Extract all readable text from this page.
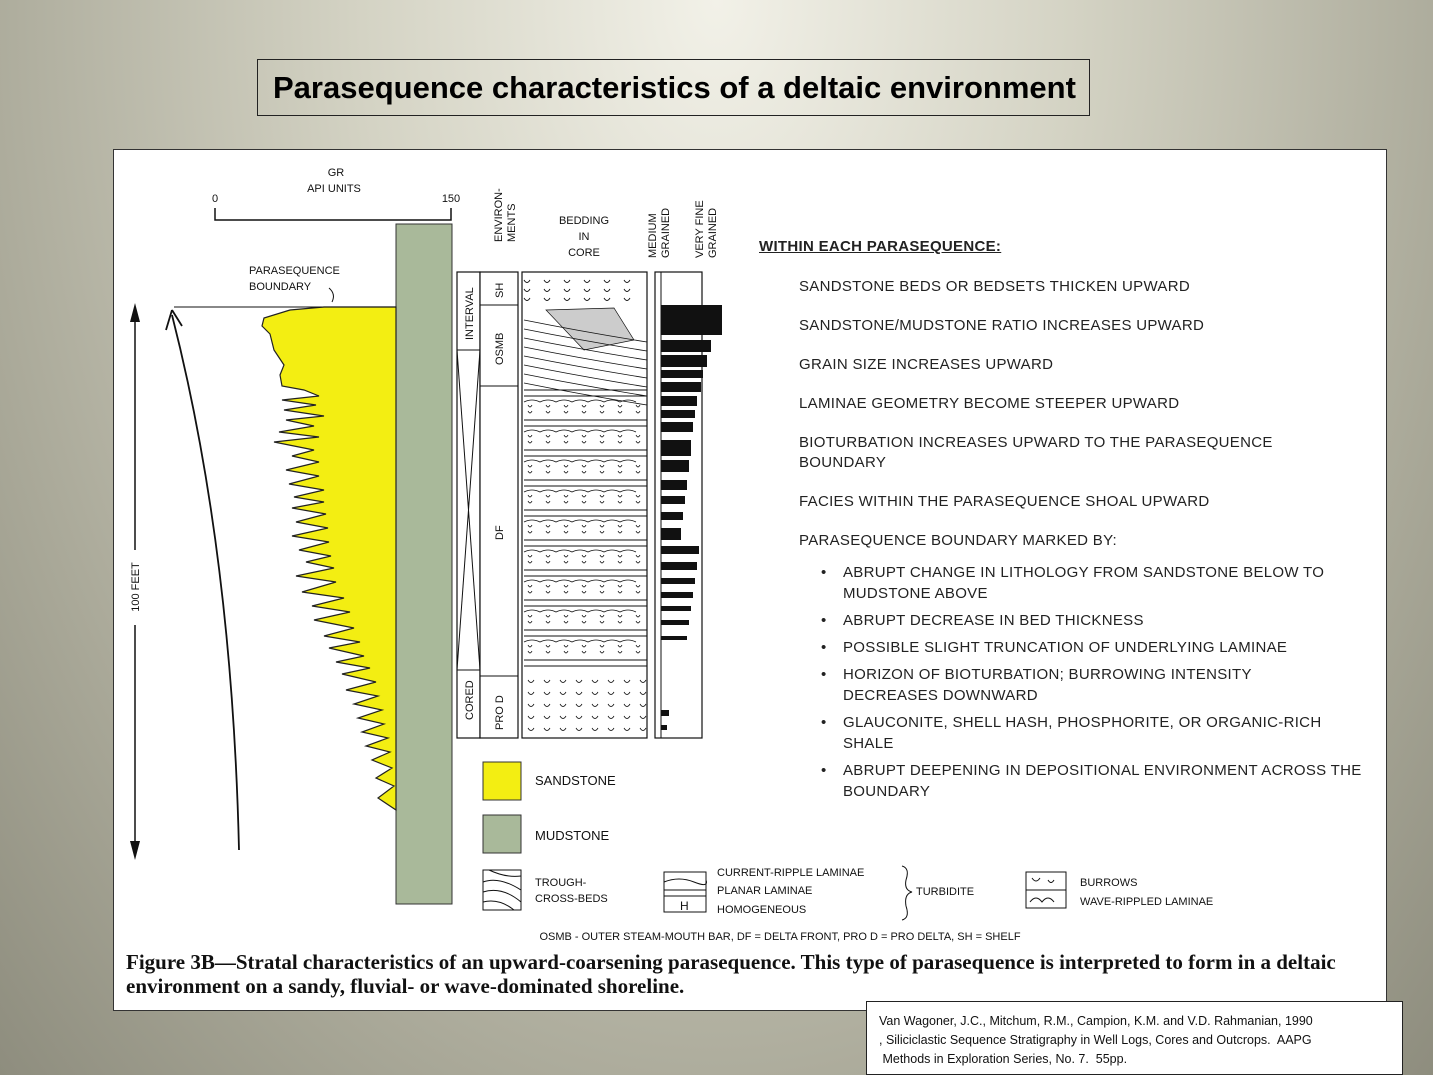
Parasequence characteristics of a deltaic environment
GR
API UNITS
0	150
PARASEQUENCE
BOUNDARY
100 FEET
ENVIRON- MENTS	BEDDING
IN
CORE	MEDIUM GRAINED VERY FINE GRAINED
INTERVAL
CORED
SH
OSMB
DF
PRO D
SANDSTONE
MUDSTONE
TROUGH-
CROSS-BEDS	H
CURRENT-RIPPLE LAMINAE
PLANAR LAMINAE
HOMOGENEOUS
TURBIDITE
BURROWS
WAVE-RIPPLED LAMINAE
OSMB - OUTER STEAM-MOUTH BAR, DF = DELTA FRONT, PRO D = PRO DELTA, SH = SHELF
WITHIN EACH PARASEQUENCE:
SANDSTONE BEDS OR BEDSETS THICKEN UPWARD
SANDSTONE/MUDSTONE RATIO INCREASES UPWARD
GRAIN SIZE INCREASES UPWARD
LAMINAE GEOMETRY BECOME STEEPER UPWARD
BIOTURBATION INCREASES UPWARD TO THE PARASEQUENCE BOUNDARY
FACIES WITHIN THE PARASEQUENCE SHOAL UPWARD
PARASEQUENCE BOUNDARY MARKED BY:
•	ABRUPT CHANGE IN LITHOLOGY FROM SANDSTONE BELOW TO MUDSTONE ABOVE
•	ABRUPT DECREASE IN BED THICKNESS
•	POSSIBLE SLIGHT TRUNCATION OF UNDERLYING LAMINAE
•	HORIZON OF BIOTURBATION; BURROWING INTENSITY DECREASES DOWNWARD
•	GLAUCONITE, SHELL HASH, PHOSPHORITE, OR ORGANIC-RICH SHALE
•	ABRUPT DEEPENING IN DEPOSITIONAL ENVIRONMENT ACROSS THE BOUNDARY
Figure 3B—Stratal characteristics of an upward-coarsening parasequence. This type of parasequence is interpreted to form in a deltaic environment on a sandy, fluvial- or wave-dominated shoreline.
Van Wagoner, J.C., Mitchum, R.M., Campion, K.M. and V.D. Rahmanian, 1990
, Siliciclastic Sequence Stratigraphy in Well Logs, Cores and Outcrops.  AAPG
Methods in Exploration Series, No. 7.  55pp.
